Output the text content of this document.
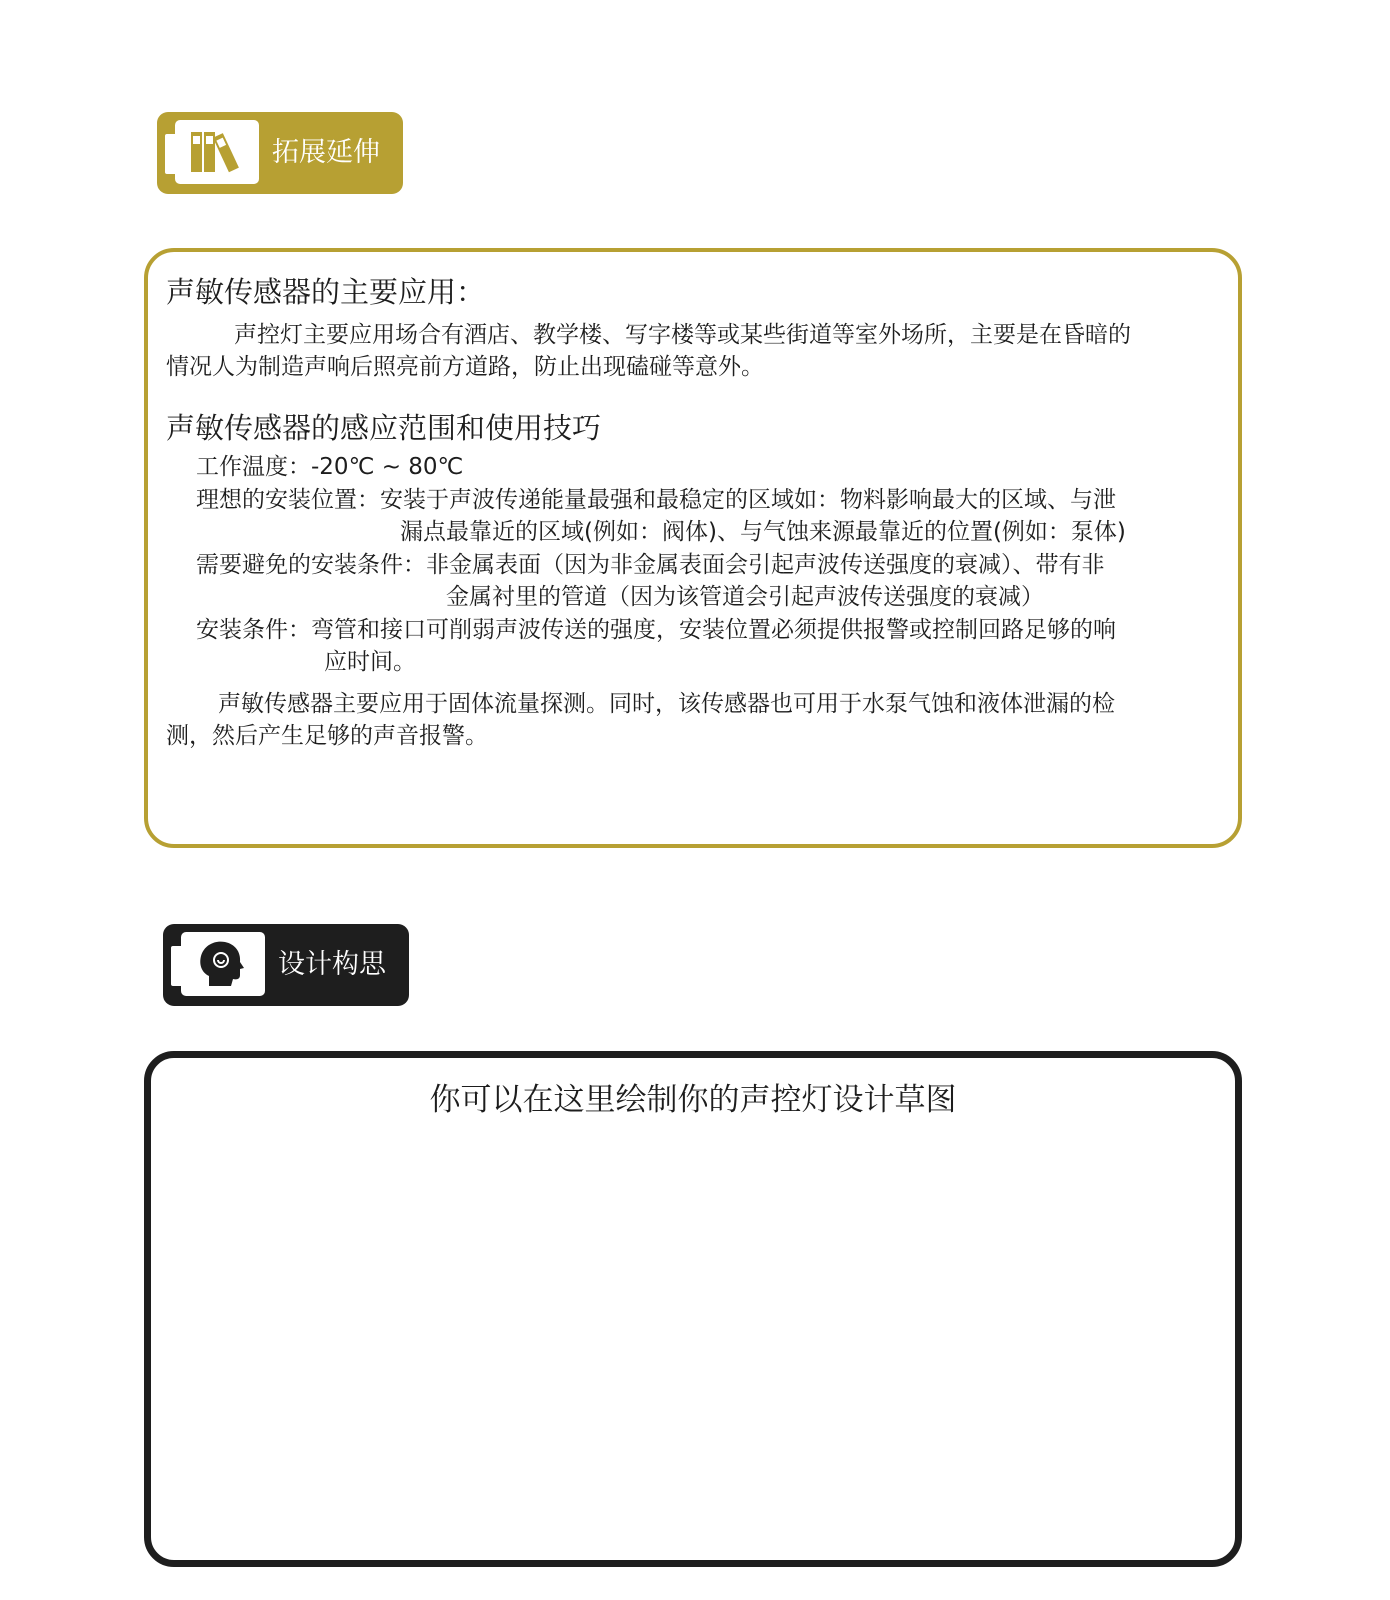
拓展延伸
声敏传感器的主要应用：
声控灯主要应用场合有酒店、教学楼、写字楼等或某些街道等室外场所，主要是在昏暗的
情况人为制造声响后照亮前方道路，防止出现磕碰等意外。
声敏传感器的感应范围和使用技巧
工作温度：-20℃ ~ 80℃
理想的安装位置：安装于声波传递能量最强和最稳定的区域如：物料影响最大的区域、与泄
漏点最靠近的区域(例如：阀体)、与气蚀来源最靠近的位置(例如：泵体)
需要避免的安装条件：非金属表面（因为非金属表面会引起声波传送强度的衰减）、带有非
金属衬里的管道（因为该管道会引起声波传送强度的衰减）
安装条件：弯管和接口可削弱声波传送的强度，安装位置必须提供报警或控制回路足够的响
应时间。
声敏传感器主要应用于固体流量探测。同时，该传感器也可用于水泵气蚀和液体泄漏的检
测，然后产生足够的声音报警。
设计构思
你可以在这里绘制你的声控灯设计草图
